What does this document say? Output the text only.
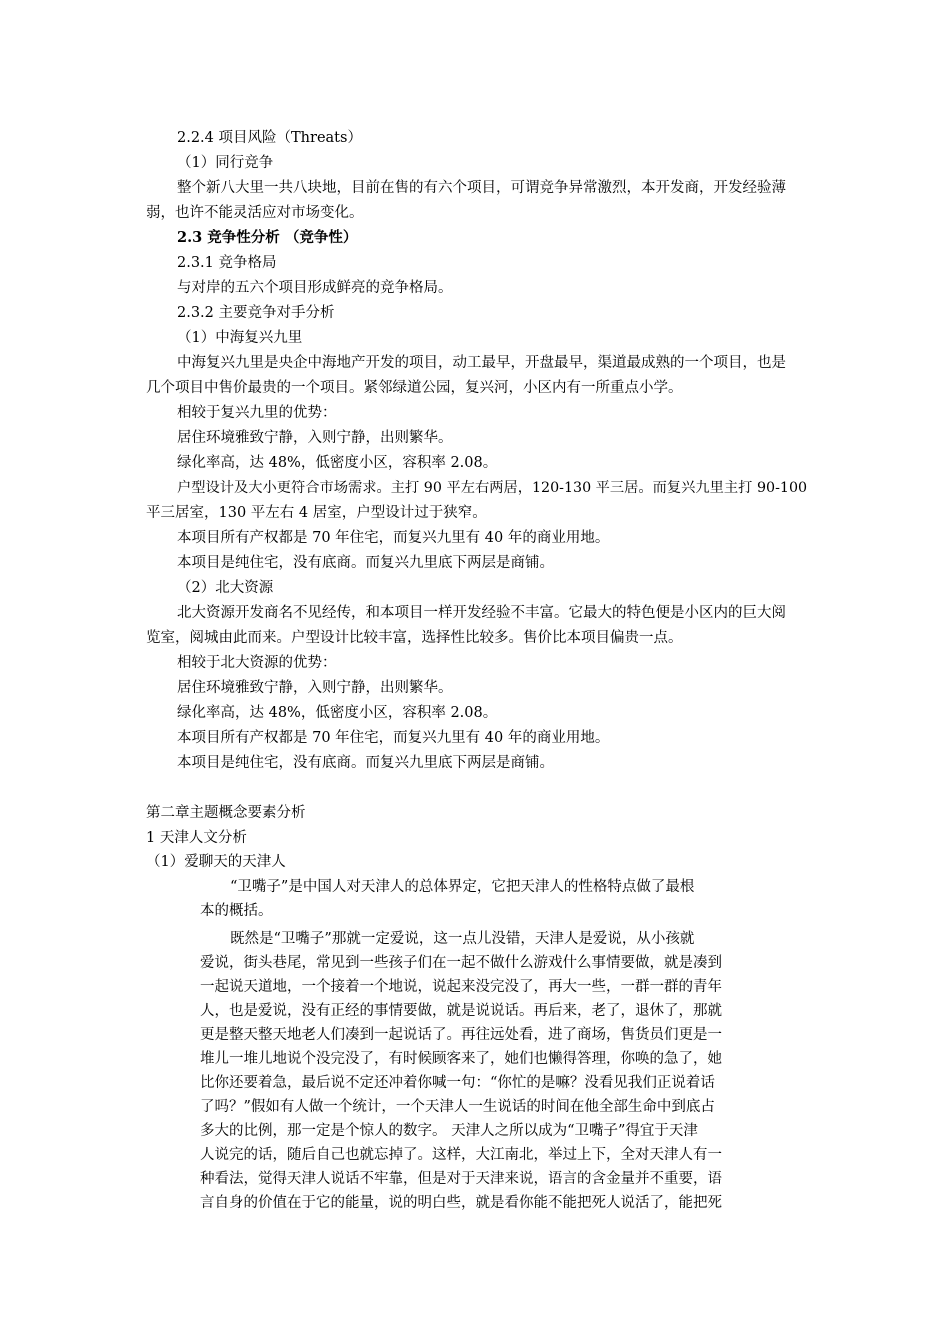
2.2.4 项目风险（Threats）
（1）同行竞争
整个新八大里一共八块地，目前在售的有六个项目，可谓竞争异常激烈，本开发商，开发经验薄
弱，也许不能灵活应对市场变化。
2.3 竞争性分析 （竞争性）
2.3.1 竞争格局
与对岸的五六个项目形成鲜亮的竞争格局。
2.3.2 主要竞争对手分析
（1）中海复兴九里
中海复兴九里是央企中海地产开发的项目，动工最早，开盘最早，渠道最成熟的一个项目，也是
几个项目中售价最贵的一个项目。紧邻绿道公园，复兴河，小区内有一所重点小学。
相较于复兴九里的优势：
居住环境雅致宁静，入则宁静，出则繁华。
绿化率高，达 48%，低密度小区，容积率 2.08。
户型设计及大小更符合市场需求。主打 90 平左右两居，120-130 平三居。而复兴九里主打 90-100
平三居室，130 平左右 4 居室，户型设计过于狭窄。
本项目所有产权都是 70 年住宅，而复兴九里有 40 年的商业用地。
本项目是纯住宅，没有底商。而复兴九里底下两层是商铺。
（2）北大资源
北大资源开发商名不见经传，和本项目一样开发经验不丰富。它最大的特色便是小区内的巨大阅
览室，阅城由此而来。户型设计比较丰富，选择性比较多。售价比本项目偏贵一点。
相较于北大资源的优势：
居住环境雅致宁静，入则宁静，出则繁华。
绿化率高，达 48%，低密度小区，容积率 2.08。
本项目所有产权都是 70 年住宅，而复兴九里有 40 年的商业用地。
本项目是纯住宅，没有底商。而复兴九里底下两层是商铺。
第二章主题概念要素分析
1 天津人文分析
（1）爱聊天的天津人
“卫嘴子”是中国人对天津人的总体界定，它把天津人的性格特点做了最根
本的概括。
既然是“卫嘴子”那就一定爱说，这一点儿没错，天津人是爱说，从小孩就
爱说，街头巷尾，常见到一些孩子们在一起不做什么游戏什么事情要做，就是凑到
一起说天道地，一个接着一个地说，说起来没完没了，再大一些，一群一群的青年
人，也是爱说，没有正经的事情要做，就是说说话。再后来，老了，退休了，那就
更是整天整天地老人们凑到一起说话了。再往远处看，进了商场，售货员们更是一
堆儿一堆儿地说个没完没了，有时候顾客来了，她们也懒得答理，你唤的急了，她
比你还要着急，最后说不定还冲着你喊一句：“你忙的是嘛？没看见我们正说着话
了吗？”假如有人做一个统计，一个天津人一生说话的时间在他全部生命中到底占
多大的比例，那一定是个惊人的数字。 天津人之所以成为“卫嘴子”得宜于天津
人说完的话，随后自己也就忘掉了。这样，大江南北，举过上下，全对天津人有一
种看法，觉得天津人说话不牢靠，但是对于天津来说，语言的含金量并不重要，语
言自身的价值在于它的能量，说的明白些，就是看你能不能把死人说活了，能把死
